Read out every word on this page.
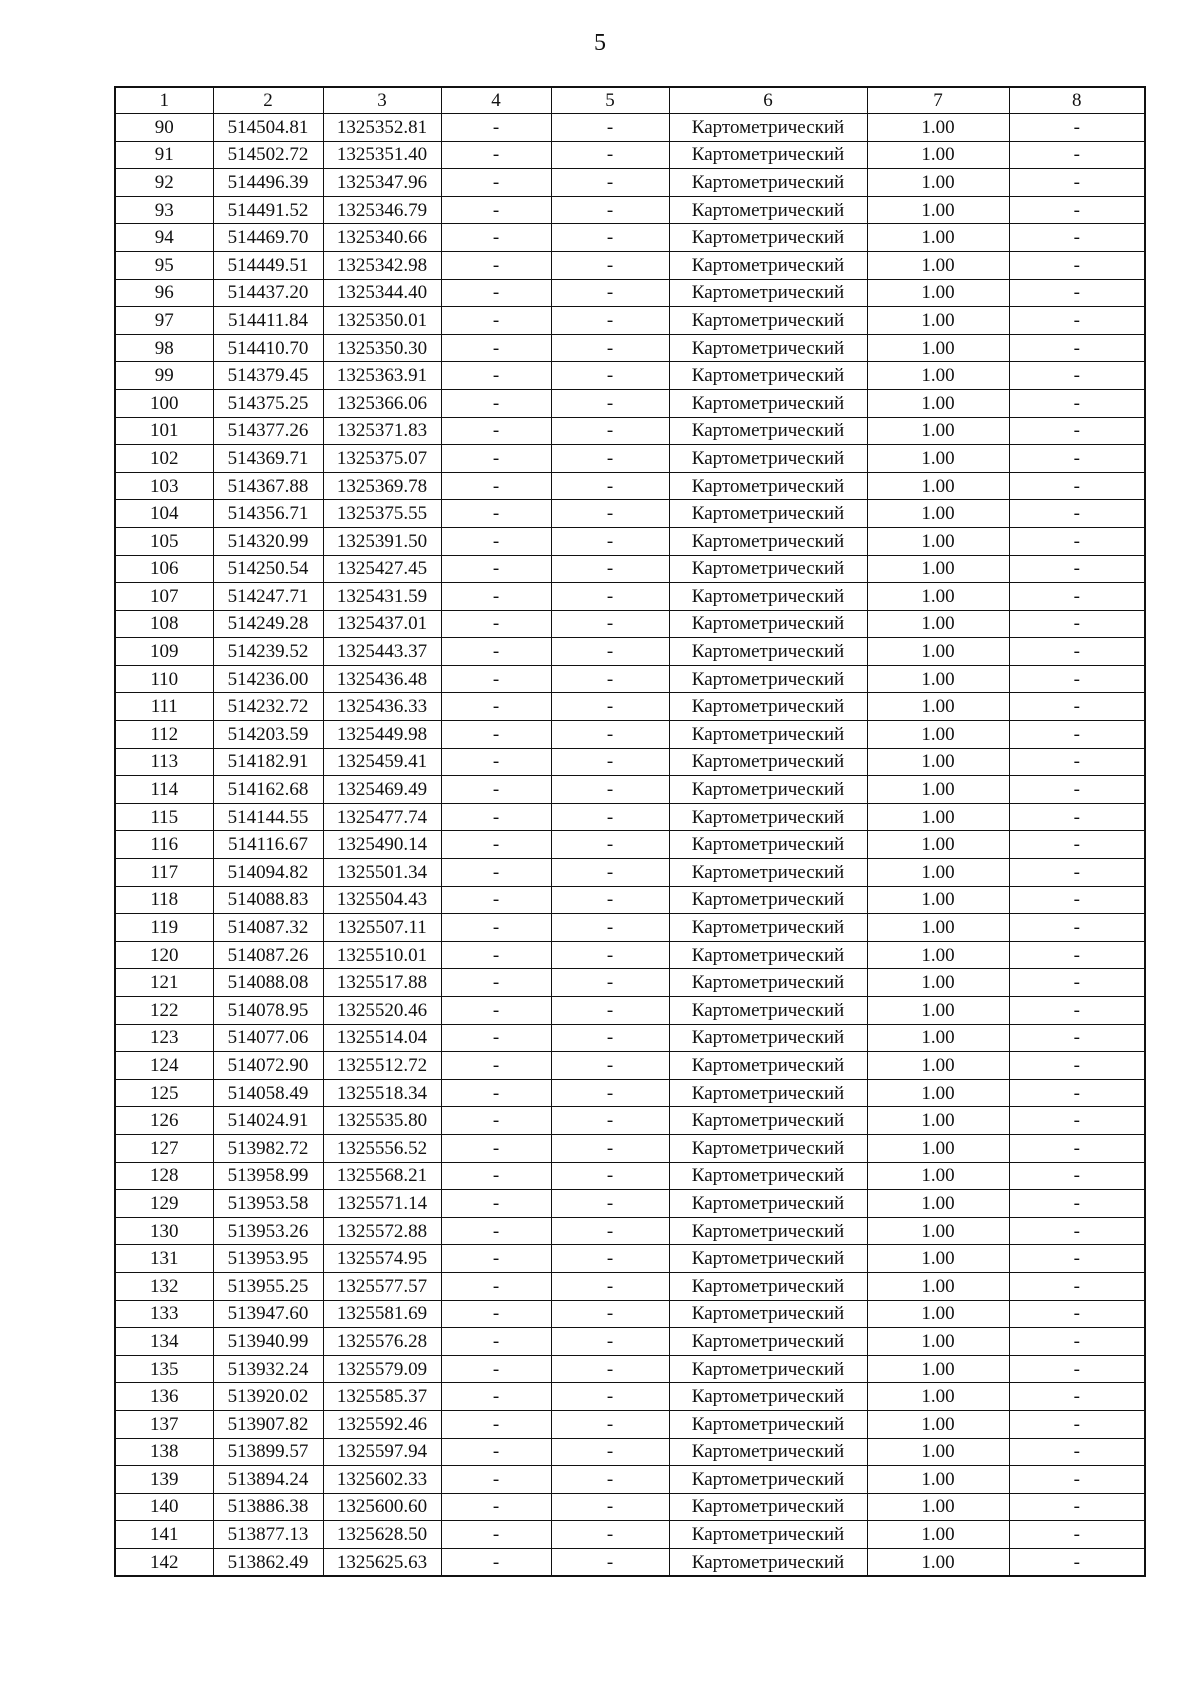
5
1	2	3	4	5	6	7	8
90	514504.81	1325352.81	-	-	Картометрический	1.00	-
91	514502.72	1325351.40	-	-	Картометрический	1.00	-
92	514496.39	1325347.96	-	-	Картометрический	1.00	-
93	514491.52	1325346.79	-	-	Картометрический	1.00	-
94	514469.70	1325340.66	-	-	Картометрический	1.00	-
95	514449.51	1325342.98	-	-	Картометрический	1.00	-
96	514437.20	1325344.40	-	-	Картометрический	1.00	-
97	514411.84	1325350.01	-	-	Картометрический	1.00	-
98	514410.70	1325350.30	-	-	Картометрический	1.00	-
99	514379.45	1325363.91	-	-	Картометрический	1.00	-
100	514375.25	1325366.06	-	-	Картометрический	1.00	-
101	514377.26	1325371.83	-	-	Картометрический	1.00	-
102	514369.71	1325375.07	-	-	Картометрический	1.00	-
103	514367.88	1325369.78	-	-	Картометрический	1.00	-
104	514356.71	1325375.55	-	-	Картометрический	1.00	-
105	514320.99	1325391.50	-	-	Картометрический	1.00	-
106	514250.54	1325427.45	-	-	Картометрический	1.00	-
107	514247.71	1325431.59	-	-	Картометрический	1.00	-
108	514249.28	1325437.01	-	-	Картометрический	1.00	-
109	514239.52	1325443.37	-	-	Картометрический	1.00	-
110	514236.00	1325436.48	-	-	Картометрический	1.00	-
111	514232.72	1325436.33	-	-	Картометрический	1.00	-
112	514203.59	1325449.98	-	-	Картометрический	1.00	-
113	514182.91	1325459.41	-	-	Картометрический	1.00	-
114	514162.68	1325469.49	-	-	Картометрический	1.00	-
115	514144.55	1325477.74	-	-	Картометрический	1.00	-
116	514116.67	1325490.14	-	-	Картометрический	1.00	-
117	514094.82	1325501.34	-	-	Картометрический	1.00	-
118	514088.83	1325504.43	-	-	Картометрический	1.00	-
119	514087.32	1325507.11	-	-	Картометрический	1.00	-
120	514087.26	1325510.01	-	-	Картометрический	1.00	-
121	514088.08	1325517.88	-	-	Картометрический	1.00	-
122	514078.95	1325520.46	-	-	Картометрический	1.00	-
123	514077.06	1325514.04	-	-	Картометрический	1.00	-
124	514072.90	1325512.72	-	-	Картометрический	1.00	-
125	514058.49	1325518.34	-	-	Картометрический	1.00	-
126	514024.91	1325535.80	-	-	Картометрический	1.00	-
127	513982.72	1325556.52	-	-	Картометрический	1.00	-
128	513958.99	1325568.21	-	-	Картометрический	1.00	-
129	513953.58	1325571.14	-	-	Картометрический	1.00	-
130	513953.26	1325572.88	-	-	Картометрический	1.00	-
131	513953.95	1325574.95	-	-	Картометрический	1.00	-
132	513955.25	1325577.57	-	-	Картометрический	1.00	-
133	513947.60	1325581.69	-	-	Картометрический	1.00	-
134	513940.99	1325576.28	-	-	Картометрический	1.00	-
135	513932.24	1325579.09	-	-	Картометрический	1.00	-
136	513920.02	1325585.37	-	-	Картометрический	1.00	-
137	513907.82	1325592.46	-	-	Картометрический	1.00	-
138	513899.57	1325597.94	-	-	Картометрический	1.00	-
139	513894.24	1325602.33	-	-	Картометрический	1.00	-
140	513886.38	1325600.60	-	-	Картометрический	1.00	-
141	513877.13	1325628.50	-	-	Картометрический	1.00	-
142	513862.49	1325625.63	-	-	Картометрический	1.00	-
